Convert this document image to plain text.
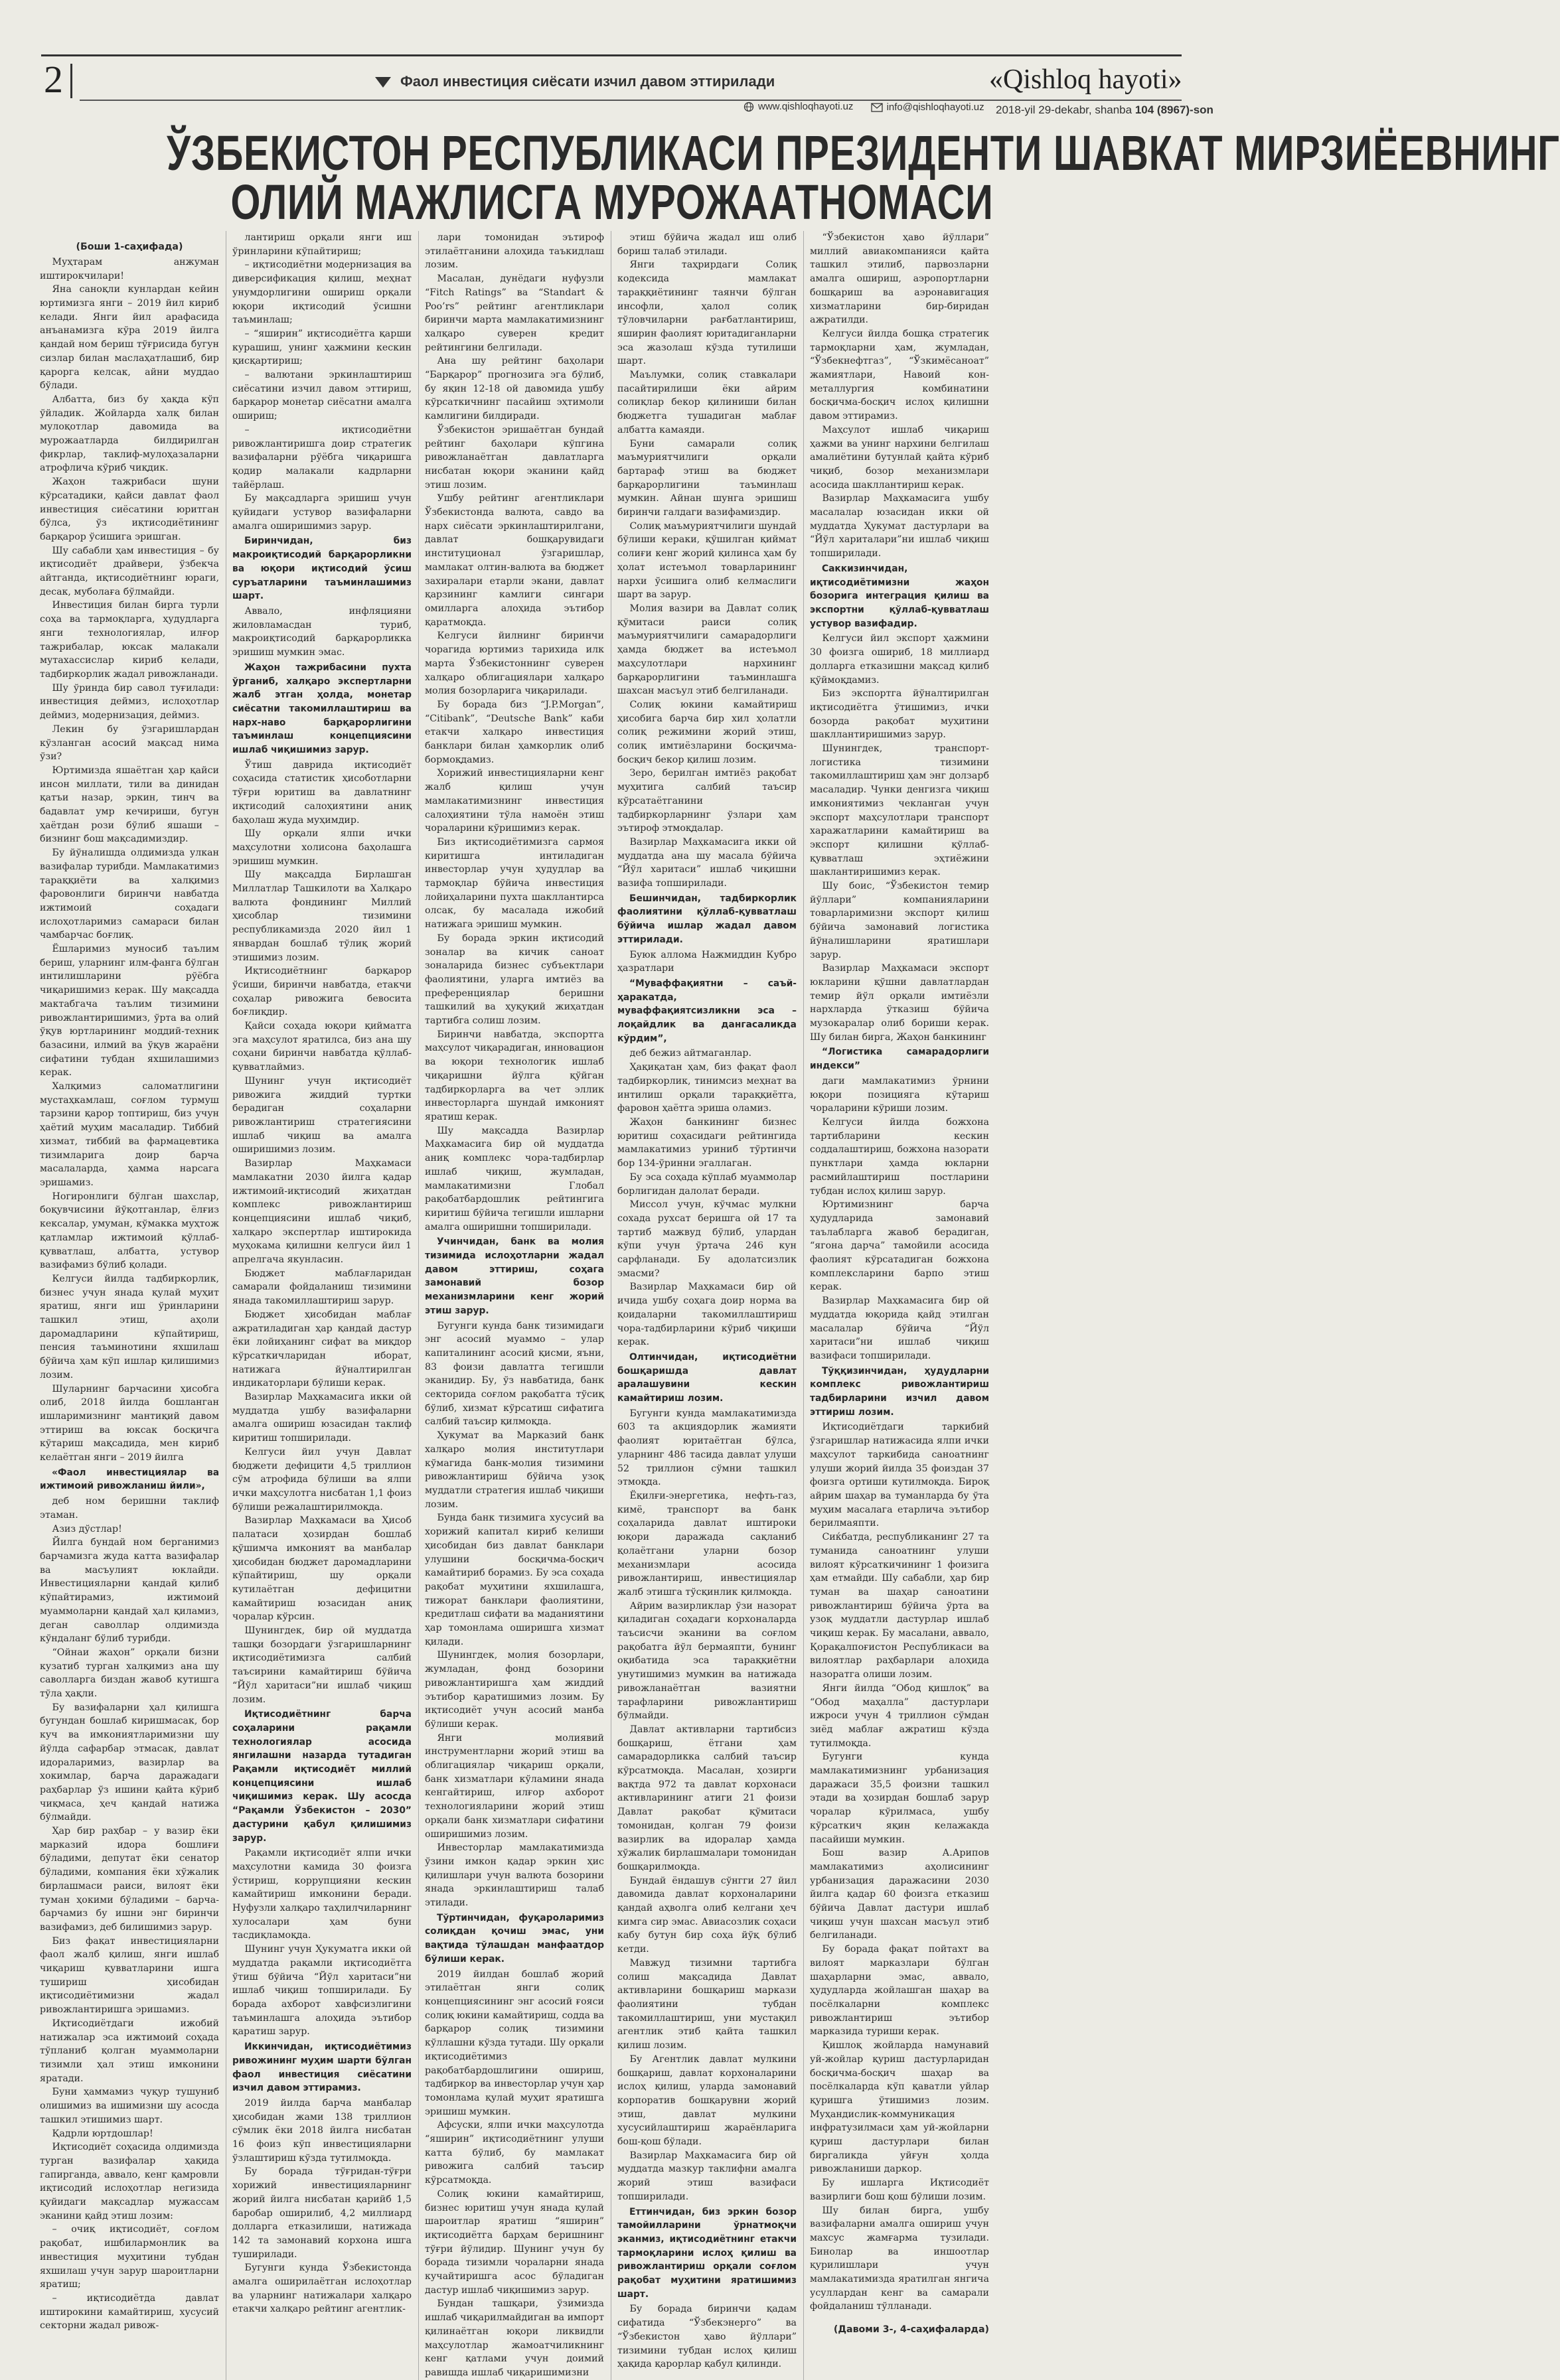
2	Фаол инвестиция сиёсати изчил давом эттирилади	«Qishloq hayoti»
www.qishloqhayoti.uz
	info@qishloqhayoti.uz 2018-yil 29-dekabr, shanba 104 (8967)-son
ЎЗБЕКИСТОН РЕСПУБЛИКАСИ ПРЕЗИДЕНТИ ШАВКАТ МИРЗИЁЕВНИНГ
ОЛИЙ МАЖЛИСГА МУРОЖААТНОМАСИ

(Боши 1-саҳифада)

Муҳтарам анжуман иштирокчилари!

Яна саноқли кунлардан кейин юртимизга янги – 2019 йил кириб келади. Янги йил арафасида анъанамизга кўра 2019 йилга қандай ном бериш тўғрисида бугун сизлар билан маслаҳатлашиб, бир қарорга келсак, айни муддао бўлади.

Албатта, биз бу ҳақда кўп ўйладик. Жойларда халқ билан мулоқотлар давомида ва мурожаатларда билдирилган фикрлар, таклиф-мулоҳазаларни атрофлича кўриб чиқдик.

Жаҳон тажрибаси шуни кўрсатадики, қайси давлат фаол инвестиция сиёсатини юритган бўлса, ўз иқтисодиётининг барқарор ўсишига эришган.

Шу сабабли ҳам инвестиция – бу иқтисодиёт драйвери, ўзбекча айтганда, иқтисодиётнинг юраги, десак, муболаға бўлмайди.

Инвестиция билан бирга турли соҳа ва тармоқларга, ҳудудларга янги технологиялар, илғор тажрибалар, юксак малакали мутахассислар кириб келади, тадбиркорлик жадал ривожланади.

Шу ўринда бир савол туғилади: инвестиция деймиз, ислоҳотлар деймиз, модернизация, деймиз.

Лекин бу ўзгаришлардан кўзланган асосий мақсад нима ўзи?

Юртимизда яшаётган ҳар қайси инсон миллати, тили ва динидан қатъи назар, эркин, тинч ва бадавлат умр кечириши, бугун ҳаётдан рози бўлиб яшаши – бизнинг бош мақсадимиздир.

Бу йўналишда олдимизда улкан вазифалар турибди. Мамлакатимиз тараққиёти ва халқимиз фаровонлиги биринчи навбатда ижтимоий соҳадаги ислоҳотларимиз самараси билан чамбарчас боғлиқ.

Ёшларимиз муносиб таълим бериш, уларнинг илм-фанга бўлган интилишларини рўёбга чиқаришимиз керак. Шу мақсадда мактабгача таълим тизимини ривожлантиришимиз, ўрта ва олий ўқув юртларининг моддий-техник базасини, илмий ва ўқув жараёни сифатини тубдан яхшилашимиз керак.

Халқимиз саломатлигини мустаҳкамлаш, соғлом турмуш тарзини қарор топтириш, биз учун ҳаётий муҳим масаладир. Тиббий хизмат, тиббий ва фармацевтика тизимларига доир барча масалаларда, ҳамма нарсага эришамиз.

Ногиронлиги бўлган шахслар, боқувчисини йўқотганлар, ёлғиз кексалар, умуман, кўмакка муҳтож қатламлар ижтимоий қўллаб-қувватлаш, албатта, устувор вазифамиз бўлиб қолади.

Келгуси йилда тадбиркорлик, бизнес учун янада қулай муҳит яратиш, янги иш ўринларини ташкил этиш, аҳоли даромадларини кўпайтириш, пенсия таъминотини яхшилаш бўйича ҳам кўп ишлар қилишимиз лозим.

Шуларнинг барчасини ҳисобга олиб, 2018 йилда бошланган ишларимизнинг мантиқий давом эттириш ва юксак босқичга кўтариш мақсадида, мен кириб келаётган янги – 2019 йилга

«Фаол инвестициялар ва ижтимоий ривожланиш йили»,

деб ном беришни таклиф этаман.

Азиз дўстлар!

Йилга бундай ном берганимиз барчамизга жуда катта вазифалар ва масъулият юклайди. Инвестицияларни қандай қилиб кўпайтирамиз, ижтимоий муаммоларни қандай ҳал қиламиз, деган саволлар олдимизда кўндаланг бўлиб турибди.

“Ойнаи жаҳон” орқали бизни кузатиб турган халқимиз ана шу саволларга биздан жавоб кутишга тўла ҳақли.

Бу вазифаларни ҳал қилишга бугундан бошлаб киришмасак, бор куч ва имкониятларимизни шу йўлда сафарбар этмасак, давлат идораларимиз, вазирлар ва хокимлар, барча даражадаги раҳбарлар ўз ишини қайта кўриб чиқмаса, ҳеч қандай натижа бўлмайди.

Ҳар бир раҳбар – у вазир ёки марказий идора бошлиғи бўладими, депутат ёки сенатор бўладими, компания ёки хўжалик бирлашмаси раиси, вилоят ёки туман ҳокими бўладими – барча-барчамиз бу ишни энг биринчи вазифамиз, деб билишимиз зарур.

Биз фақат инвестицияларни фаол жалб қилиш, янги ишлаб чиқариш қувватларини ишга тушириш ҳисобидан иқтисодиётимизни жадал ривожлантиришга эришамиз.

Иқтисодиётдаги ижобий натижалар эса ижтимоий соҳада тўпланиб қолган муаммоларни тизимли ҳал этиш имконини яратади.

Буни ҳаммамиз чуқур тушуниб олишимиз ва ишимизни шу асосда ташкил этишимиз шарт.

Қадрли юртдошлар!

Иқтисодиёт соҳасида олдимизда турган вазифалар ҳақида гапирганда, аввало, кенг қамровли иқтисодий ислоҳотлар негизида қуйидаги мақсадлар мужассам эканини қайд этиш лозим:

– очиқ иқтисодиёт, соғлом рақобат, ишбилармонлик ва инвестиция муҳитини тубдан яхшилаш учун зарур шароитларни яратиш;

– иқтисодиётда давлат иштирокини камайтириш, хусусий секторни жадал ривож-

лантириш орқали янги иш ўринларини кўпайтириш;

– иқтисодиётни модернизация ва диверсификация қилиш, меҳнат унумдорлигини ошириш орқали юқори иқтисодий ўсишни таъминлаш;

– “яширин” иқтисодиётга қарши курашиш, унинг ҳажмини кескин қисқартириш;

– валютани эркинлаштириш сиёсатини изчил давом эттириш, барқарор монетар сиёсатни амалга ошириш;

– иқтисодиётни ривожлантиришга доир стратегик вазифаларни рўёбга чиқаришга қодир малакали кадрларни тайёрлаш.

Бу мақсадларга эришиш учун қуйидаги устувор вазифаларни амалга оширишимиз зарур.

Биринчидан, биз макроиқтисодий барқарорликни ва юқори иқтисодий ўсиш суръатларини таъминлашимиз шарт.

Аввало, инфляцияни жиловламасдан туриб, макроиқтисодий барқарорликка эришиш мумкин эмас.

Жаҳон тажрибасини пухта ўрганиб, халқаро экспертларни жалб этган ҳолда, монетар сиёсатни такомиллаштириш ва нарх-наво барқарорлигини таъминлаш концепциясини ишлаб чиқишимиз зарур.

Ўтиш даврида иқтисодиёт соҳасида статистик ҳисоботларни тўғри юритиш ва давлатнинг иқтисодий салоҳиятини аниқ баҳолаш жуда муҳимдир.

Шу орқали ялпи ички маҳсулотни холисона баҳолашга эришиш мумкин.

Шу мақсадда Бирлашган Миллатлар Ташкилоти ва Халқаро валюта фондининг Миллий ҳисоблар тизимини республикамизда 2020 йил 1 январдан бошлаб тўлиқ жорий этишимиз лозим.

Иқтисодиётнинг барқарор ўсиши, биринчи навбатда, етакчи соҳалар ривожига бевосита боғлиқдир.

Қайси соҳада юқори қийматга эга маҳсулот яратилса, биз ана шу соҳани биринчи навбатда қўллаб-қувватлаймиз.

Шунинг учун иқтисодиёт ривожига жиддий туртки берадиган соҳаларни ривожлантириш стратегиясини ишлаб чиқиш ва амалга оширишимиз лозим.

Вазирлар Маҳкамаси мамлакатни 2030 йилга қадар ижтимоий-иқтисодий жиҳатдан комплекс ривожлантириш концепциясини ишлаб чиқиб, халқаро экспертлар иштирокида муҳокама қилишни келгуси йил 1 апрелгача якунласин.

Бюджет маблағларидан самарали фойдаланиш тизимини янада такомиллаштириш зарур.

Бюджет ҳисобидан маблағ ажратиладиган ҳар қандай дастур ёки лойиҳанинг сифат ва миқдор кўрсаткичларидан иборат, натижага йўналтирилган индикаторлари бўлиши керак.

Вазирлар Маҳкамасига икки ой муддатда ушбу вазифаларни амалга ошириш юзасидан таклиф киритиш топширилади.

Келгуси йил учун Давлат бюджети дефицити 4,5 триллион сўм атрофида бўлиши ва ялпи ички маҳсулотга нисбатан 1,1 фоиз бўлиши режалаштирилмоқда.

Вазирлар Маҳкамаси ва Ҳисоб палатаси ҳозирдан бошлаб қўшимча имконият ва манбалар ҳисобидан бюджет даромадларини кўпайтириш, шу орқали кутилаётган дефицитни камайтириш юзасидан аниқ чоралар кўрсин.

Шунингдек, бир ой муддатда ташқи бозордаги ўзгаришларнинг иқтисодиётимизга салбий таъсирини камайтириш бўйича “Йўл харитаси”ни ишлаб чиқиш лозим.

Иқтисодиётнинг барча соҳаларини рақамли технологиялар асосида янгилашни назарда тутадиган Рақамли иқтисодиёт миллий концепциясини ишлаб чиқишимиз керак. Шу асосда “Рақамли Ўзбекистон – 2030” дастурини қабул қилишимиз зарур.

Рақамли иқтисодиёт ялпи ички маҳсулотни камида 30 фоизга ўстириш, коррупцияни кескин камайтириш имконини беради. Нуфузли халқаро таҳлилчиларнинг хулосалари ҳам буни тасдиқламоқда.

Шунинг учун Ҳукуматга икки ой муддатда рақамли иқтисодиётга ўтиш бўйича “Йўл харитаси”ни ишлаб чиқиш топширилади. Бу борада ахборот хавфсизлигини таъминлашга алоҳида эътибор қаратиш зарур.

Иккинчидан, иқтисодиётимиз ривожининг муҳим шарти бўлган фаол инвестиция сиёсатини изчил давом эттирамиз.

2019 йилда барча манбалар ҳисобидан жами 138 триллион сўмлик ёки 2018 йилга нисбатан 16 фоиз кўп инвестицияларни ўзлаштириш кўзда тутилмоқда.

Бу борада тўғридан-тўғри хорижий инвестицияларнинг жорий йилга нисбатан қарийб 1,5 баробар оширилиб, 4,2 миллиард долларга етказилиши, натижада 142 та замонавий корхона ишга туширилади.

Бугунги кунда Ўзбекистонда амалга оширилаётган ислоҳотлар ва уларнинг натижалари халқаро етакчи халқаро рейтинг агентлик-

лари томонидан эътироф этилаётганини алоҳида таъкидлаш лозим.

Масалан, дунёдаги нуфузли “Fitch Ratings” ва “Standart & Poo’rs” рейтинг агентликлари биринчи марта мамлакатимизнинг халқаро суверен кредит рейтингини белгилади.

Ана шу рейтинг баҳолари “Барқарор” прогнозига эга бўлиб, бу яқин 12-18 ой давомида ушбу кўрсаткичнинг пасайиш эҳтимоли камлигини билдиради.

Ўзбекистон эришаётган бундай рейтинг баҳолари кўпгина ривожланаётган давлатларга нисбатан юқори эканини қайд этиш лозим.

Ушбу рейтинг агентликлари Ўзбекистонда валюта, савдо ва нарх сиёсати эркинлаштирилгани, давлат бошқарувидаги институционал ўзгаришлар, мамлакат олтин-валюта ва бюджет захиралари етарли экани, давлат қарзининг камлиги сингари омилларга алоҳида эътибор қаратмоқда.

Келгуси йилнинг биринчи чорагида юртимиз тарихида илк марта Ўзбекистоннинг суверен халқаро облигациялари халқаро молия бозорларига чиқарилади.

Бу борада биз “J.P.Morgan”, “Citibank”, “Deutsche Bank” каби етакчи халқаро инвестиция банклари билан ҳамкорлик олиб бормоқдамиз.

Хорижий инвестицияларни кенг жалб қилиш учун мамлакатимизнинг инвестиция салоҳиятини тўла намоён этиш чораларини кўришимиз керак.

Биз иқтисодиётимизга сармоя киритишга интиладиган инвесторлар учун ҳудудлар ва тармоқлар бўйича инвестиция лойиҳаларини пухта шакллантирса олсак, бу масалада ижобий натижага эришиш мумкин.

Бу борада эркин иқтисодий зоналар ва кичик саноат зоналарида бизнес субъектлари фаолиятини, уларга имтиёз ва преференциялар беришни ташкилий ва ҳуқуқий жиҳатдан тартибга солиш лозим.

Биринчи навбатда, экспортга маҳсулот чиқарадиган, инновацион ва юқори технологик ишлаб чиқаришни йўлга қўйган тадбиркорларга ва чет эллик инвесторларга шундай имконият яратиш керак.

Шу мақсадда Вазирлар Маҳкамасига бир ой муддатда аниқ комплекс чора-тадбирлар ишлаб чиқиш, жумладан, мамлакатимизни Глобал рақобатбардошлик рейтингига киритиш бўйича тегишли ишларни амалга оширишни топширилади.

Учинчидан, банк ва молия тизимида ислоҳотларни жадал давом эттириш, соҳага замонавий бозор механизмларини кенг жорий этиш зарур.

Бугунги кунда банк тизимидаги энг асосий муаммо – улар капиталининг асосий қисми, яъни, 83 фоизи давлатга тегишли эканидир. Бу, ўз навбатида, банк секторида соғлом рақобатга тўсиқ бўлиб, хизмат кўрсатиш сифатига салбий таъсир қилмоқда.

Ҳукумат ва Марказий банк халқаро молия институтлари кўмагида банк-молия тизимини ривожлантириш бўйича узоқ муддатли стратегия ишлаб чиқиши лозим.

Бунда банк тизимига хусусий ва хорижий капитал кириб келиши ҳисобидан биз давлат банклари улушини босқичма-босқич камайтириб борамиз. Бу эса соҳада рақобат муҳитини яхшилашга, тижорат банклари фаолиятини, кредитлаш сифати ва маданиятини ҳар томонлама оширишга хизмат қилади.

Шунингдек, молия бозорлари, жумладан, фонд бозорини ривожлантиришга ҳам жиддий эътибор қаратишимиз лозим. Бу иқтисодиёт учун асосий манба бўлиши керак.

Янги молиявий инструментларни жорий этиш ва облигациялар чиқариш орқали, банк хизматлари кўламини янада кенгайтириш, илғор ахборот технологияларини жорий этиш орқали банк хизматлари сифатини оширишимиз лозим.

Инвесторлар мамлакатимизда ўзини имкон қадар эркин ҳис қилишлари учун валюта бозорини янада эркинлаштириш талаб этилади.

Тўртинчидан, фуқароларимиз солиқдан қочиш эмас, уни вақтида тўлашдан манфаатдор бўлиши керак.

2019 йилдан бошлаб жорий этилаётган янги солиқ концепциясининг энг асосий ғояси солиқ юкини камайтириш, содда ва барқарор солиқ тизимини кўллашни кўзда тутади. Шу орқали иқтисодиётимиз рақобатбардошлигини ошириш, тадбиркор ва инвесторлар учун ҳар томонлама қулай муҳит яратишга эришиш мумкин.

Афсуски, ялпи ички маҳсулотда “яширин” иқтисодиётнинг улуши катта бўлиб, бу мамлакат ривожига салбий таъсир кўрсатмоқда.

Солиқ юкини камайтириш, бизнес юритиш учун янада қулай шароитлар яратиш “яширин” иқтисодиётга барҳам беришнинг тўғри йўлидир. Шунинг учун бу борада тизимли чораларни янада кучайтиришга асос бўладиган дастур ишлаб чиқишимиз зарур.

Бундан ташқари, ўзимизда ишлаб чиқарилмайдиган ва импорт қилинаётган юқори ликвидли маҳсулотлар жамоатчиликнинг кенг қатлами учун доимий равишда ишлаб чиқаришимизни

этиш бўйича жадал иш олиб бориш талаб этилади.

Янги таҳрирдаги Солиқ кодексида мамлакат тараққиётининг таянчи бўлган инсофли, ҳалол солиқ тўловчиларни рағбатлантириш, яширин фаолият юритадиганларни эса жазолаш кўзда тутилиши шарт.

Маълумки, солиқ ставкалари пасайтирилиши ёки айрим солиқлар бекор қилиниши билан бюджетга тушадиган маблағ албатта камаяди.

Буни самарали солиқ маъмуриятчилиги орқали бартараф этиш ва бюджет барқарорлигини таъминлаш мумкин. Айнан шунга эришиш биринчи галдаги вазифамиздир.

Солиқ маъмуриятчилиги шундай бўлиши кераки, қўшилган қиймат солиғи кенг жорий қилинса ҳам бу ҳолат истеъмол товарларининг нархи ўсишига олиб келмаслиги шарт ва зарур.

Молия вазири ва Давлат солиқ қўмитаси раиси солиқ маъмуриятчилиги самарадорлиги ҳамда бюджет ва истеъмол маҳсулотлари нархининг барқарорлигини таъминлашга шахсан масъул этиб белгиланади.

Солиқ юкини камайтириш ҳисобига барча бир хил ҳолатли солиқ режимини жорий этиш, солиқ имтиёзларини босқичма-босқич бекор қилиш лозим.

Зеро, берилган имтиёз рақобат муҳитига салбий таъсир кўрсатаётганини тадбиркорларнинг ўзлари ҳам эътироф этмоқдалар.

Вазирлар Маҳкамасига икки ой муддатда ана шу масала бўйича “Йўл харитаси” ишлаб чиқишни вазифа топширилади.

Бешинчидан, тадбиркорлик фаолиятини қўллаб-қувватлаш бўйича ишлар жадал давом эттирилади.

Буюк аллома Нажмиддин Кубро ҳазратлари

“Муваффақиятни – саъй-ҳаракатда, муваффақиятсизликни эса – лоқайдлик ва дангасаликда кўрдим”,

деб бежиз айтмаганлар.

Ҳақиқатан ҳам, биз фақат фаол тадбиркорлик, тинимсиз меҳнат ва интилиш орқали тараққиётга, фаровон ҳаётга эриша оламиз.

Жаҳон банкининг бизнес юритиш соҳасидаги рейтингида мамлакатимиз уриниб тўртинчи бор 134-ўринни эгаллаган.

Бу эса соҳада кўплаб муаммолар борлигидан далолат беради.

Миссол учун, кўчмас мулкни сохада рухсат беришга ой 17 та тартиб мажвуд бўлиб, улардан кўпи учун ўртача 246 кун сарфланади. Бу адолатсизлик эмасми?

Вазирлар Маҳкамаси бир ой ичида ушбу соҳага доир норма ва қоидаларни такомиллаштириш чора-тадбирларини кўриб чиқиши керак.

Олтинчидан, иқтисодиётни бошқаришда давлат аралашувини кескин камайтириш лозим.

Бугунги кунда мамлакатимизда 603 та акциядорлик жамияти фаолият юритаётган бўлса, уларнинг 486 тасида давлат улуши 52 триллион сўмни ташкил этмоқда.

Ёқилғи-энергетика, нефть-газ, кимё, транспорт ва банк соҳаларида давлат иштироки юқори даражада сақланиб қолаётгани уларни бозор механизмлари асосида ривожлантириш, инвестициялар жалб этишга тўсқинлик қилмоқда.

Айрим вазирликлар ўзи назорат қиладиган соҳадаги корхоналарда таъсисчи эканини ва соғлом рақобатга йўл бермаяпти, бунинг оқибатида эса тараққиётни унутишимиз мумкин ва натижада ривожланаётган вазиятни тарафларини ривожлантириш бўлмайди.

Давлат активларни тартибсиз бошқариш, ётгани ҳам самарадорликка салбий таъсир кўрсатмоқда. Масалан, ҳозирги вақтда 972 та давлат корхонаси активларининг атиги 21 фоизи Давлат рақобат қўмитаси томонидан, қолган 79 фоизи вазирлик ва идоралар ҳамда хўжалик бирлашмалари томонидан бошқарилмоқда.

Бундай ёндашув сўнгги 27 йил давомида давлат корхоналарини қандай аҳволга олиб келгани ҳеч кимга сир эмас. Авиасозлик соҳаси кабу бутун бир соҳа йўқ бўлиб кетди.

Мавжуд тизимни тартибга солиш мақсадида Давлат активларини бошқариш маркази фаолиятини тубдан такомиллаштириш, уни мустақил агентлик этиб қайта ташкил қилиш лозим.

Бу Агентлик давлат мулкини бошқариш, давлат корхоналарини ислоҳ қилиш, уларда замонавий корпоратив бошқарувни жорий этиш, давлат мулкини хусусийлаштириш жараёнларига бош-қош бўлади.

Вазирлар Маҳкамасига бир ой муддатда мазкур таклифни амалга жорий этиш вазифаси топширилади.

Еттинчидан, биз эркин бозор тамойилларини ўрнатмоқчи эканмиз, иқтисодиётнинг етакчи тармоқларини ислоҳ қилиш ва ривожлантириш орқали соғлом рақобат муҳитини яратишимиз шарт.

Бу борада биринчи қадам сифатида “Ўзбекэнерго” ва “Ўзбекистон ҳаво йўллари” тизимини тубдан ислоҳ қилиш ҳақида қарорлар қабул қилинди.

“Ўзбекистон ҳаво йўллари” миллий авиакомпанияси қайта ташкил этилиб, парвозларни амалга ошириш, аэропортларни бошқариш ва аэронавигация хизматларини бир-биридан ажратилди.

Келгуси йилда бошқа стратегик тармоқларни ҳам, жумладан, “Ўзбекнефтгаз”, “Ўзкимёсаноат” жамиятлари, Навоий кон-металлургия комбинатини босқичма-босқич ислоҳ қилишни давом эттирамиз.

Маҳсулот ишлаб чиқариш ҳажми ва унинг нархини белгилаш амалиётини бутунлай қайта кўриб чиқиб, бозор механизмлари асосида шакллантириш керак.

Вазирлар Маҳкамасига ушбу масалалар юзасидан икки ой муддатда Ҳукумат дастурлари ва “Йўл хариталари”ни ишлаб чиқиш топширилади.

Саккизинчидан, иқтисодиётимизни жаҳон бозорига интеграция қилиш ва экспортни қўллаб-қувватлаш устувор вазифадир.

Келгуси йил экспорт ҳажмини 30 фоизга ошириб, 18 миллиард долларга етказишни мақсад қилиб қўймоқдамиз.

Биз экспортга йўналтирилган иқтисодиётга ўтишимиз, ички бозорда рақобат муҳитини шакллантиришимиз зарур.

Шунингдек, транспорт-логистика тизимини такомиллаштириш ҳам энг долзарб масаладир. Чунки денгизга чиқиш имкониятимиз чекланган учун экспорт маҳсулотлари транспорт харажатларини камайтириш ва экспорт қилишни қўллаб-қувватлаш эҳтиёжини шаклантиришимиз керак.

Шу боис, “Ўзбекистон темир йўллари” компанияларини товарларимизни экспорт қилиш бўйича замонавий логистика йўналишларини яратишлари зарур.

Вазирлар Маҳкамаси экспорт юкларини қўшни давлатлардан темир йўл орқали имтиёзли нархларда ўтказиш бўйича музокаралар олиб бориши керак. Шу билан бирга, Жаҳон банкининг

“Логистика самарадорлиги индекси”

даги мамлакатимиз ўрнини юқори позицияга кўтариш чораларини кўриши лозим.

Келгуси йилда божхона тартибларини кескин соддалаштириш, божхона назорати пунктлари ҳамда юкларни расмийлаштириш постларини тубдан ислоҳ қилиш зарур.

Юртимизнинг барча ҳудудларида замонавий таълабларга жавоб берадиган, “ягона дарча” тамойили асосида фаолият кўрсатадиган божхона комплексларини барпо этиш керак.

Вазирлар Маҳкамасига бир ой муддатда юқорида қайд этилган масалалар бўйича “Йўл харитаси”ни ишлаб чиқиш вазифаси топширилади.

Тўққизинчидан, ҳудудларни комплекс ривожлантириш тадбирларини изчил давом эттириш лозим.

Иқтисодиётдаги таркибий ўзгаришлар натижасида ялпи ички маҳсулот таркибида саноатнинг улуши жорий йилда 35 фоиздан 37 фоизга ортиши кутилмоқда. Бироқ айрим шаҳар ва туманларда бу ўта муҳим масалага етарлича эътибор берилмаяпти.

Сиќбатда, республиканинг 27 та туманида саноатнинг улуши вилоят кўрсаткичининг 1 фоизига ҳам етмайди. Шу сабабли, ҳар бир туман ва шаҳар саноатини ривожлантириш бўйича ўрта ва узоқ муддатли дастурлар ишлаб чиқиш керак. Бу масалани, аввало, Қорақалпоғистон Республикаси ва вилоятлар раҳбарлари алоҳида назоратга олиши лозим.

Янги йилда “Обод қишлоқ” ва “Обод маҳалла” дастурлари ижроси учун 4 триллион сўмдан зиёд маблағ ажратиш кўзда тутилмоқда.

Бугунги кунда мамлакатимизнинг урбанизация даражаси 35,5 фоизни ташкил этади ва ҳозирдан бошлаб зарур чоралар кўрилмаса, ушбу кўрсаткич яқин келажакда пасайиши мумкин.

Бош вазир А.Арипов мамлакатимиз аҳолисининг урбанизация даражасини 2030 йилга қадар 60 фоизга етказиш бўйича Давлат дастури ишлаб чиқиш учун шахсан масъул этиб белгиланади.

Бу борада фақат пойтахт ва вилоят марказлари бўлган шаҳарларни эмас, аввало, ҳудудларда жойлашган шаҳар ва посёлкаларни комплекс ривожлантириш эътибор марказида туриши керак.

Қишлоқ жойларда намунавий уй-жойлар қуриш дастурларидан босқичма-босқич шаҳар ва посёлкаларда кўп қаватли уйлар қуришга ўтишимиз лозим. Муҳандислик-коммуникация инфратузилмаси ҳам уй-жойларни қуриш дастурлари билан биргаликда уйғун ҳолда ривожланиши даркор.

Бу ишларга Иқтисодиёт вазирлиги бош қош бўлиши лозим.

Шу билан бирга, ушбу вазифаларни амалга ошириш учун махсус жамғарма тузилади. Бинолар ва иншоотлар қурилишлари учун мамлакатимизда яратилган янгича усуллардан кенг ва самарали фойдаланиш тўлланади.

(Давоми 3-, 4-саҳифаларда)
